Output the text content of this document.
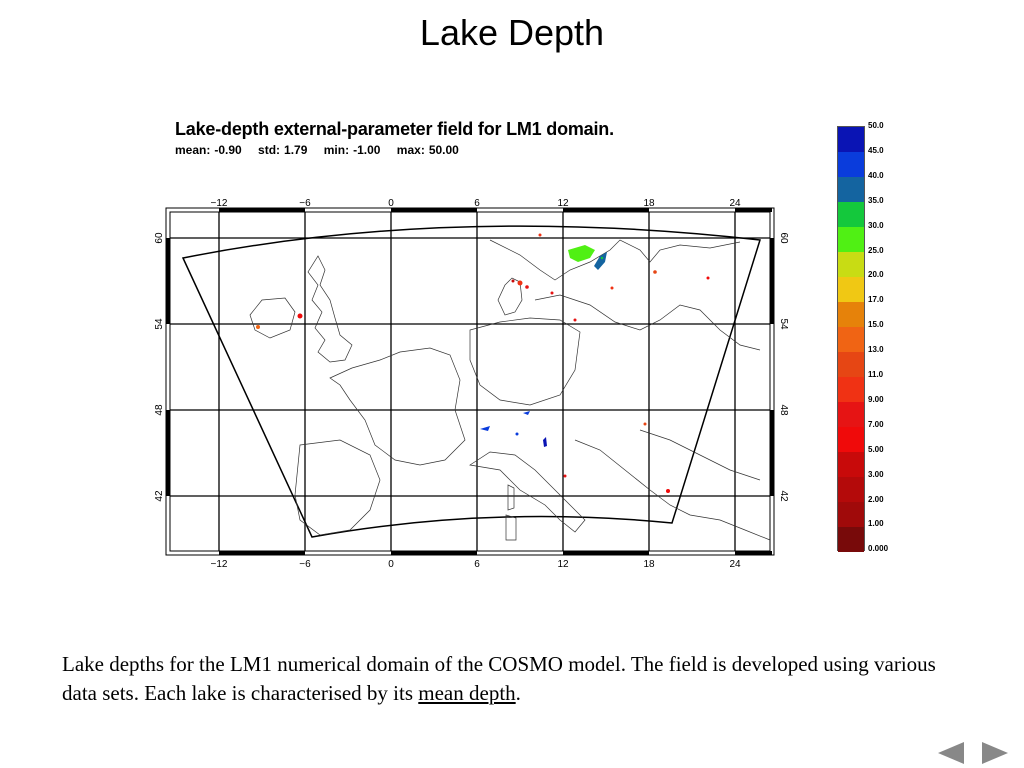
Lake Depth
Lake-depth external-parameter field for LM1 domain.
mean: -0.90 std: 1.79 min: -1.00 max: 50.00
−12	−6	0	6	12	18	24
−12	−6	0	6	12	18	24
60
54
48
42
60
54
48
42
50.0
45.0
40.0
35.0
30.0
25.0
20.0
17.0
15.0
13.0
11.0
9.00
7.00
5.00
3.00
2.00
1.00
0.000
Lake depths for the LM1 numerical domain of the COSMO model. The field is developed using various data sets. Each lake is characterised by its mean depth.
